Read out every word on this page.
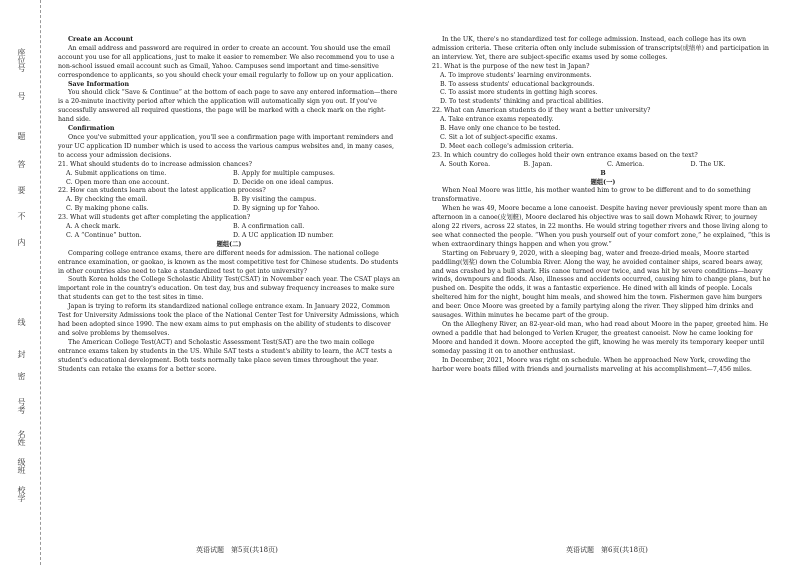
座位号
号
题
答
要
不
内
线
封
密
号考
名姓
级班
校学

Create an Account

An email address and password are required in order to create an account. You should use the email account you use for all applications, just to make it easier to remember. We also recommend you to use a non-school issued email account such as Gmail, Yahoo. Campuses send important and time-sensitive correspondence to applicants, so you should check your email regularly to follow up on your application.

Save Information

You should click “Save & Continue” at the bottom of each page to save any entered information—there is a 20-minute inactivity period after which the application will automatically sign you out. If you've successfully answered all required questions, the page will be marked with a check mark on the right-hand side.

Confirmation

Once you've submitted your application, you'll see a confirmation page with important reminders and your UC application ID number which is used to access the various campus websites and, in many cases, to access your admission decisions.

21. What should students do to increase admission chances?

A. Submit applications on time.	B. Apply for multiple campuses.
C. Open more than one account.	D. Decide on one ideal campus.

22. How can students learn about the latest application process?

A. By checking the email.	B. By visiting the campus.
C. By making phone calls.	D. By signing up for Yahoo.

23. What will students get after completing the application?

A. A check mark.	B. A confirmation call.
C. A “Continue” button.	D. A UC application ID number.

题组(二)

Comparing college entrance exams, there are different needs for admission. The national college entrance examination, or gaokao, is known as the most competitive test for Chinese students. Do students in other countries also need to take a standardized test to get into university?

South Korea holds the College Scholastic Ability Test(CSAT) in November each year. The CSAT plays an important role in the country's education. On test day, bus and subway frequency increases to make sure that students can get to the test sites in time.

Japan is trying to reform its standardized national college entrance exam. In January 2022, Common Test for University Admissions took the place of the National Center Test for University Admissions, which had been adopted since 1990. The new exam aims to put emphasis on the ability of students to discover and solve problems by themselves.

The American College Test(ACT) and Scholastic Assessment Test(SAT) are the two main college entrance exams taken by students in the US. While SAT tests a student's ability to learn, the ACT tests a student's educational development. Both tests normally take place seven times throughout the year. Students can retake the exams for a better score.

In the UK, there's no standardized test for college admission. Instead, each college has its own admission criteria. These criteria often only include submission of transcripts(成绩单) and participation in an interview. Yet, there are subject-specific exams used by some colleges.

21. What is the purpose of the new test in Japan?

A. To improve students' learning environments.
B. To assess students' educational backgrounds.
C. To assist more students in getting high scores.
D. To test students' thinking and practical abilities.

22. What can American students do if they want a better university?

A. Take entrance exams repeatedly.
B. Have only one chance to be tested.
C. Sit a lot of subject-specific exams.
D. Meet each college's admission criteria.

23. In which country do colleges hold their own entrance exams based on the text?

A. South Korea.	B. Japan.	C. America.	D. The UK.

B

题组(一)

When Neal Moore was little, his mother wanted him to grow to be different and to do something transformative.

When he was 49, Moore became a lone canoeist. Despite having never previously spent more than an afternoon in a canoe(皮划艇), Moore declared his objective was to sail down Mohawk River, to journey along 22 rivers, across 22 states, in 22 months. He would string together rivers and those living along to see what connected the people. “When you push yourself out of your comfort zone,” he explained, “this is when extraordinary things happen and when you grow.”

Starting on February 9, 2020, with a sleeping bag, water and freeze-dried meals, Moore started paddling(划桨) down the Columbia River. Along the way, he avoided container ships, scared bears away, and was crashed by a bull shark. His canoe turned over twice, and was hit by severe conditions—heavy winds, downpours and floods. Also, illnesses and accidents occurred, causing him to change plans, but he pushed on. Despite the odds, it was a fantastic experience. He dined with all kinds of people. Locals sheltered him for the night, bought him meals, and showed him the town. Fishermen gave him burgers and beer. Once Moore was greeted by a family partying along the river. They slipped him drinks and sausages. Within minutes he became part of the group.

On the Allegheny River, an 82-year-old man, who had read about Moore in the paper, greeted him. He owned a paddle that had belonged to Verlen Kruger, the greatest canoeist. Now he came looking for Moore and handed it down. Moore accepted the gift, knowing he was merely its temporary keeper until someday passing it on to another enthusiast.

In December, 2021, Moore was right on schedule. When he approached New York, crowding the harbor were boats filled with friends and journalists marveling at his accomplishment—7,456 miles.

英语试题　第5页(共18页)	英语试题　第6页(共18页)
